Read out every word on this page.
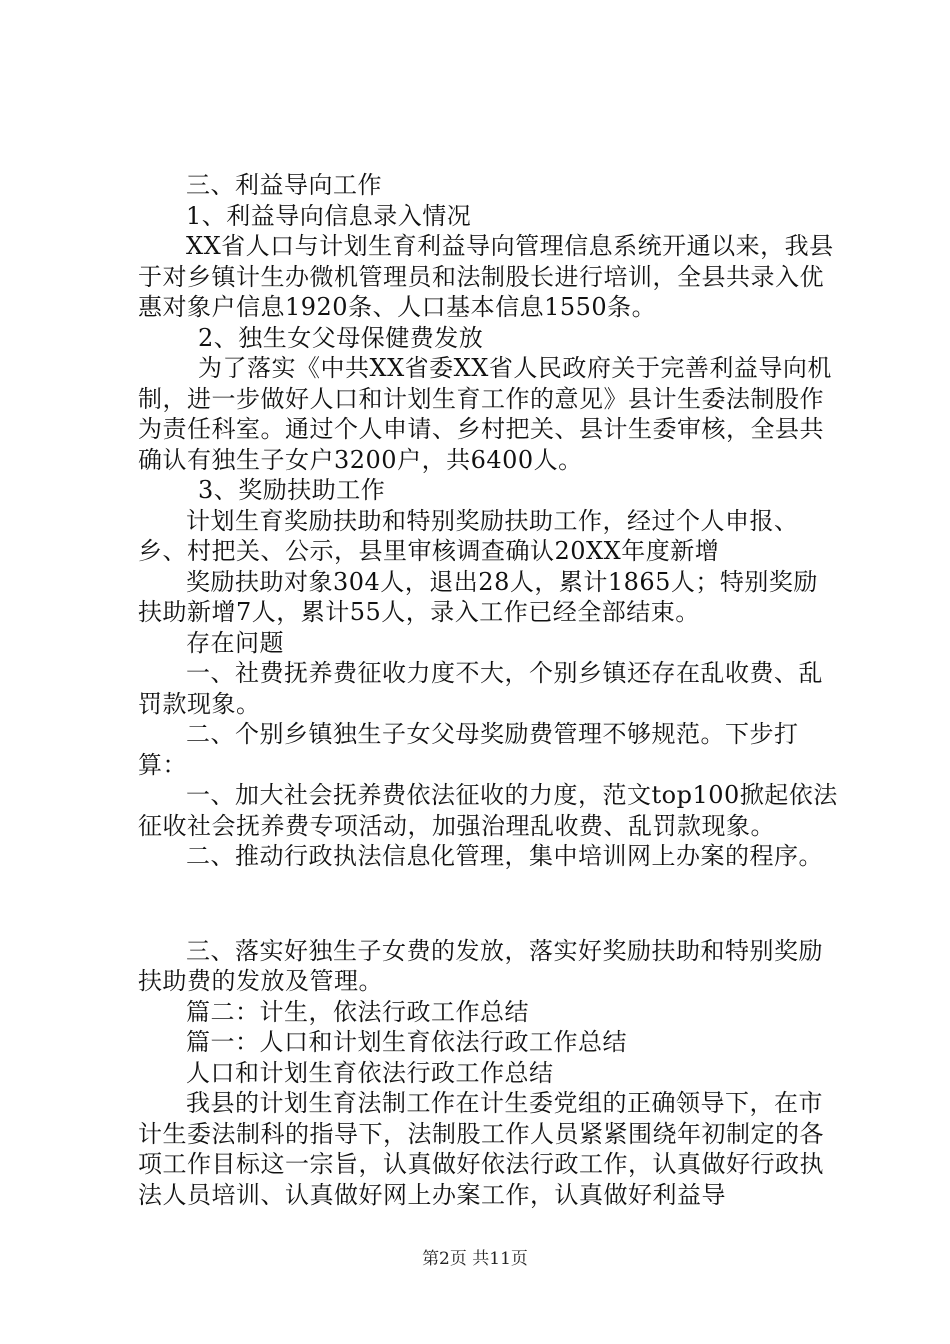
三、利益导向工作

1、利益导向信息录入情况

XX省人口与计划生育利益导向管理信息系统开通以来，我县于对乡镇计生办微机管理员和法制股长进行培训，全县共录入优惠对象户信息1920条、人口基本信息1550条。

2、独生女父母保健费发放

为了落实《中共XX省委XX省人民政府关于完善利益导向机制，进一步做好人口和计划生育工作的意见》县计生委法制股作为责任科室。通过个人申请、乡村把关、县计生委审核，全县共确认有独生子女户3200户，共6400人。

3、奖励扶助工作

计划生育奖励扶助和特别奖励扶助工作，经过个人申报、乡、村把关、公示，县里审核调查确认20XX年度新增

奖励扶助对象304人，退出28人，累计1865人；特别奖励扶助新增7人，累计55人，录入工作已经全部结束。

存在问题

一、社费抚养费征收力度不大，个别乡镇还存在乱收费、乱罚款现象。

二、个别乡镇独生子女父母奖励费管理不够规范。下步打算：

一、加大社会抚养费依法征收的力度，范文top100掀起依法征收社会抚养费专项活动，加强治理乱收费、乱罚款现象。

二、推动行政执法信息化管理，集中培训网上办案的程序。

三、落实好独生子女费的发放，落实好奖励扶助和特别奖励扶助费的发放及管理。

篇二：计生，依法行政工作总结

篇一：人口和计划生育依法行政工作总结

人口和计划生育依法行政工作总结

我县的计划生育法制工作在计生委党组的正确领导下，在市计生委法制科的指导下，法制股工作人员紧紧围绕年初制定的各项工作目标这一宗旨，认真做好依法行政工作，认真做好行政执法人员培训、认真做好网上办案工作，认真做好利益导

第2页 共11页
